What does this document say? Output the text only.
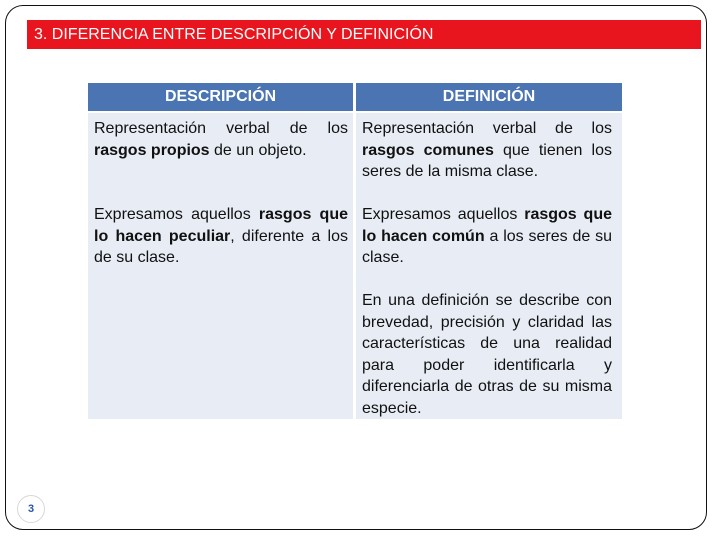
3. DIFERENCIA ENTRE DESCRIPCIÓN Y DEFINICIÓN
DESCRIPCIÓN	DEFINICIÓN
Representación verbal de los rasgos propios de un objeto.
Expresamos aquellos rasgos que lo hacen peculiar, diferente a los de su clase.
Representación verbal de los rasgos comunes que tienen los seres de la misma clase.
Expresamos aquellos rasgos que lo hacen común a los seres de su clase.
En una definición se describe con brevedad, precisión y claridad las características de una realidad para poder identificarla y diferenciarla de otras de su misma especie.
3
